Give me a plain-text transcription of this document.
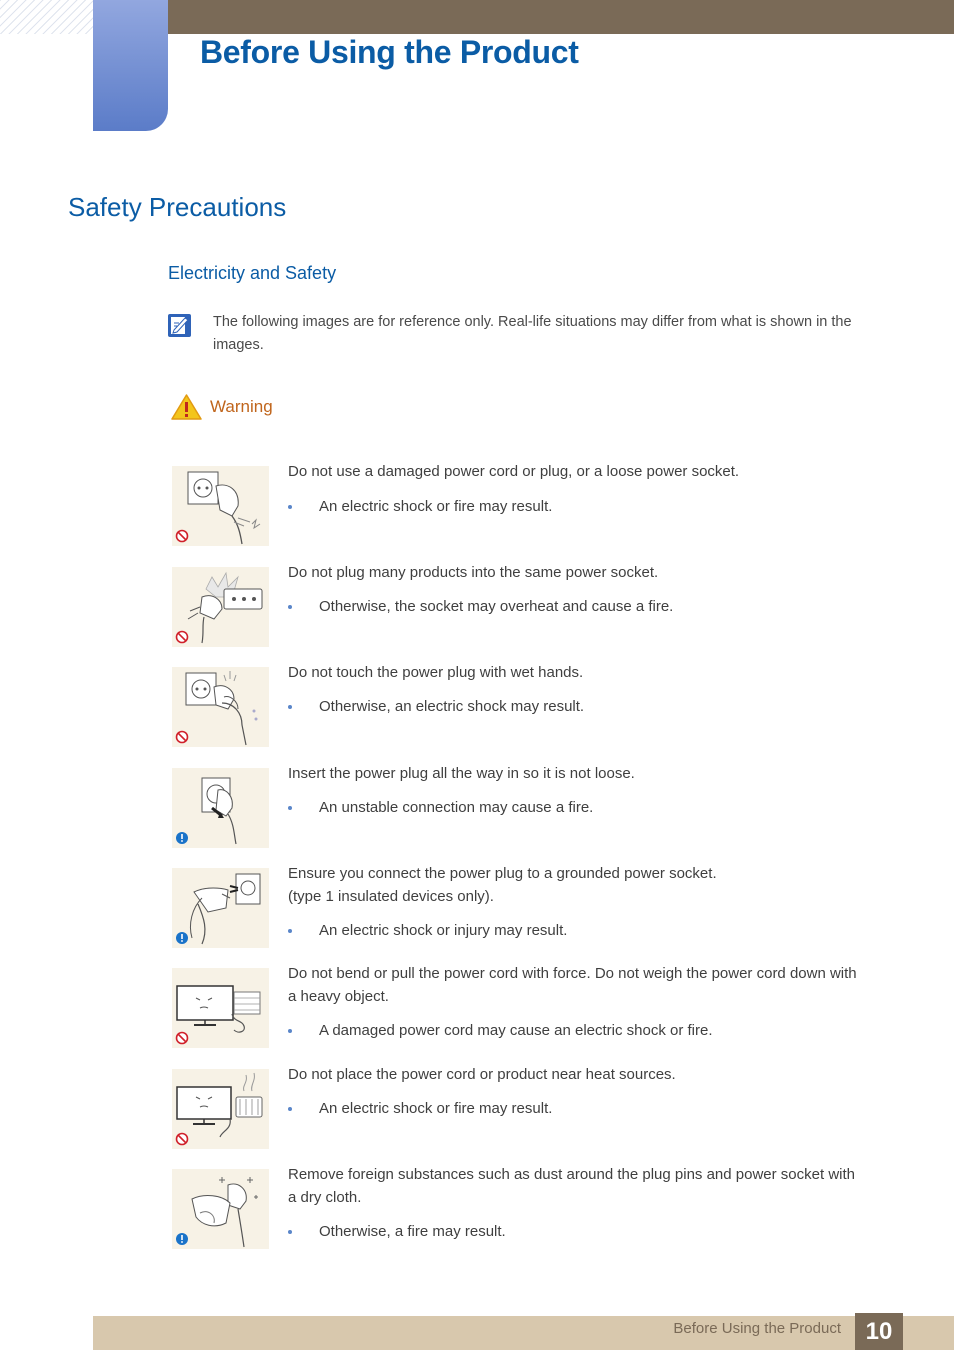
Before Using the Product
Safety Precautions
Electricity and Safety

The following images are for reference only. Real-life situations may differ from what is shown in the images.

Warning

Do not use a damaged power cord or plug, or a loose power socket.

An electric shock or fire may result.

Do not plug many products into the same power socket.

Otherwise, the socket may overheat and cause a fire.

Do not touch the power plug with wet hands.

Otherwise, an electric shock may result.

Insert the power plug all the way in so it is not loose.

An unstable connection may cause a fire.

Ensure you connect the power plug to a grounded power socket.
(type 1 insulated devices only).

An electric shock or injury may result.

Do not bend or pull the power cord with force. Do not weigh the power cord down with a heavy object.

A damaged power cord may cause an electric shock or fire.

Do not place the power cord or product near heat sources.

An electric shock or fire may result.

Remove foreign substances such as dust around the plug pins and power socket with a dry cloth.

Otherwise, a fire may result.
Before Using the Product	10
